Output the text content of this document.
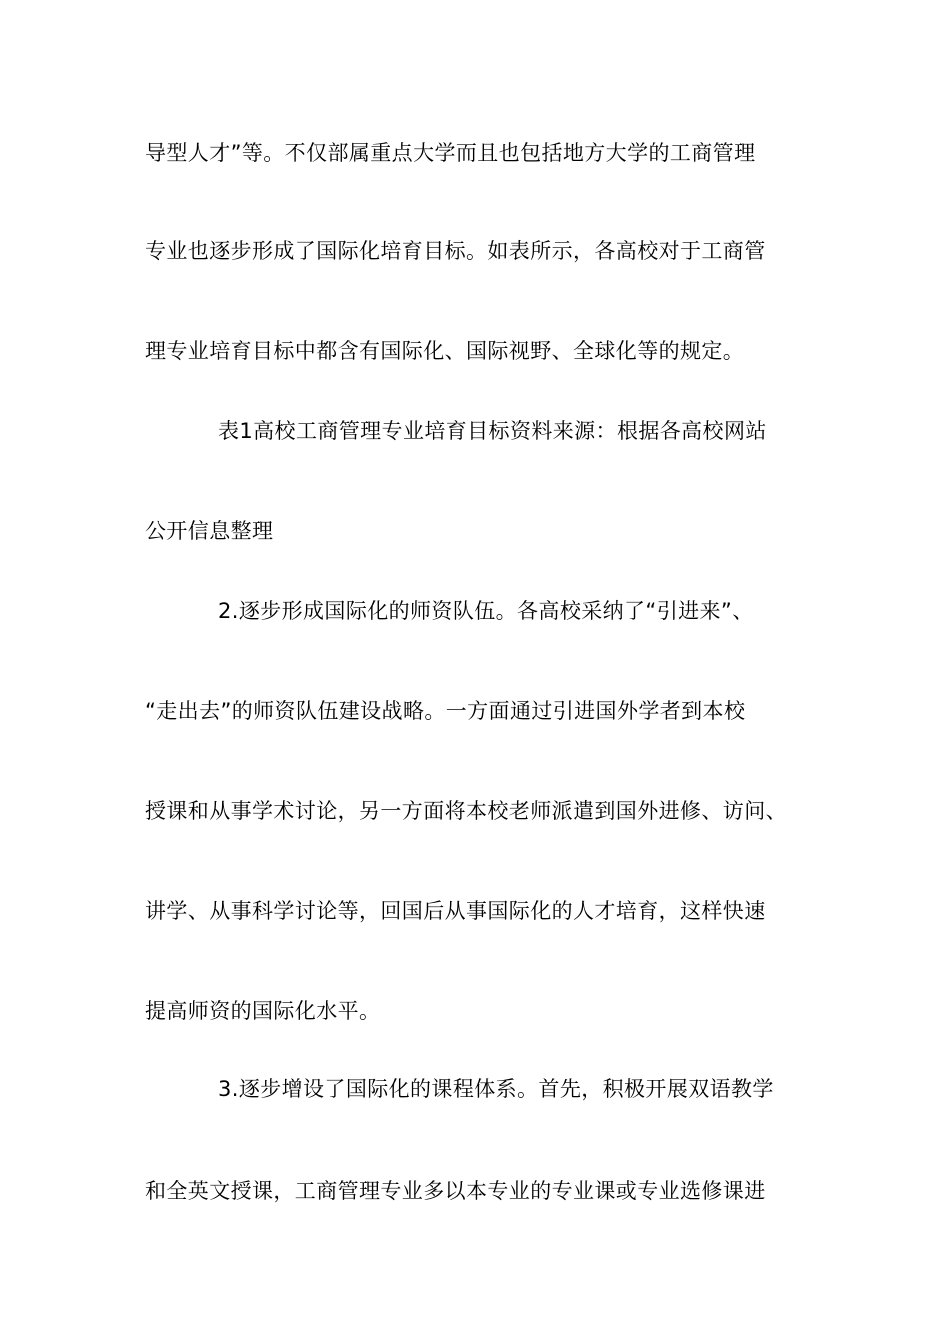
导型人才”等。不仅部属重点大学而且也包括地方大学的工商管理
专业也逐步形成了国际化培育目标。如表所示，各高校对于工商管
理专业培育目标中都含有国际化、国际视野、全球化等的规定。
表1高校工商管理专业培育目标资料来源：根据各高校网站
公开信息整理
2.逐步形成国际化的师资队伍。各高校采纳了“引进来”、
“走出去”的师资队伍建设战略。一方面通过引进国外学者到本校
授课和从事学术讨论，另一方面将本校老师派遣到国外进修、访问、
讲学、从事科学讨论等，回国后从事国际化的人才培育，这样快速
提高师资的国际化水平。
3.逐步增设了国际化的课程体系。首先，积极开展双语教学
和全英文授课，工商管理专业多以本专业的专业课或专业选修课进
